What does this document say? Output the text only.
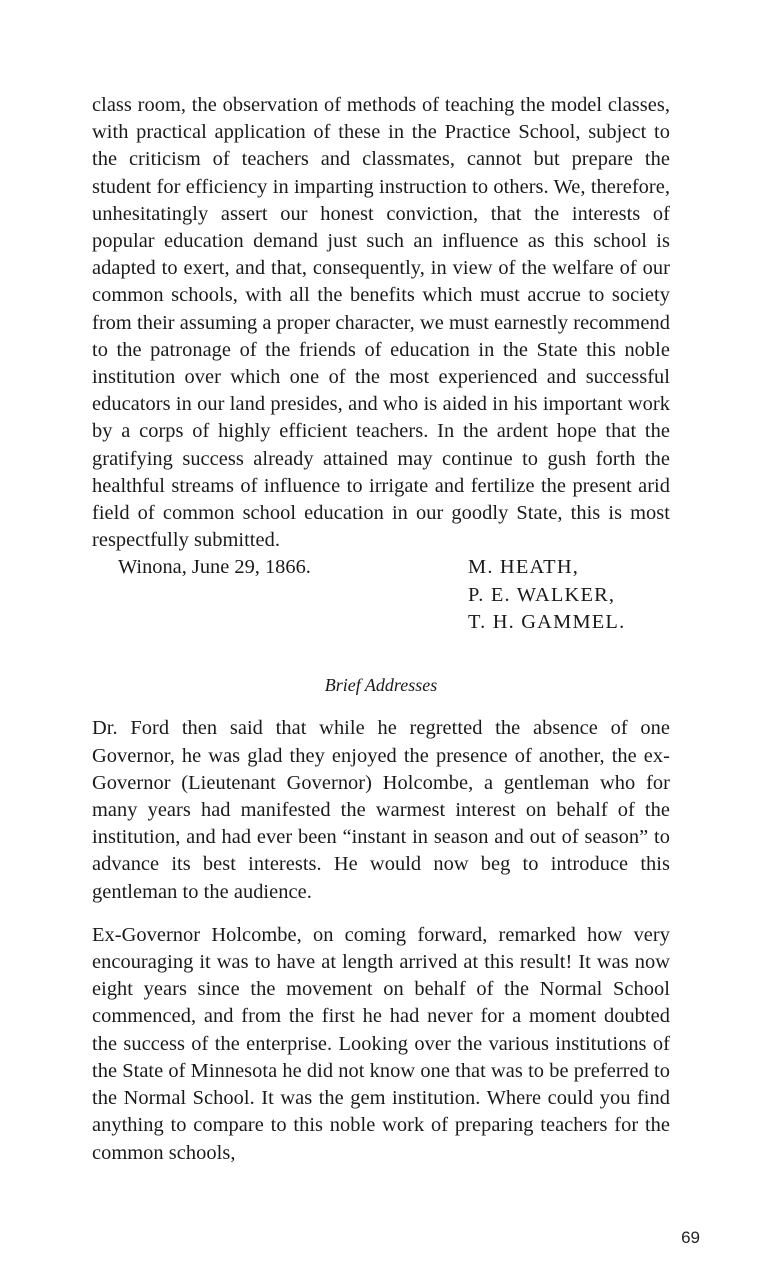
class room, the observation of methods of teaching the model classes, with practical application of these in the Practice School, subject to the criticism of teachers and classmates, cannot but prepare the student for efficiency in imparting instruction to others. We, therefore, unhesitatingly assert our honest conviction, that the interests of popular education demand just such an influence as this school is adapted to exert, and that, consequently, in view of the welfare of our common schools, with all the benefits which must accrue to society from their assuming a proper character, we must earnestly recommend to the patronage of the friends of education in the State this noble institution over which one of the most experienced and successful educators in our land presides, and who is aided in his important work by a corps of highly efficient teachers. In the ardent hope that the gratifying success already attained may continue to gush forth the healthful streams of influence to irrigate and fertilize the present arid field of common school education in our goodly State, this is most respectfully submitted.

Winona, June 29, 1866.	M. HEATH,
P. E. WALKER,
T. H. GAMMEL.
Brief Addresses

Dr. Ford then said that while he regretted the absence of one Governor, he was glad they enjoyed the presence of another, the ex-Governor (Lieutenant Governor) Holcombe, a gentleman who for many years had manifested the warmest interest on behalf of the institution, and had ever been “instant in season and out of season” to advance its best interests. He would now beg to introduce this gentleman to the audience.

Ex-Governor Holcombe, on coming forward, remarked how very encouraging it was to have at length arrived at this result! It was now eight years since the movement on behalf of the Normal School commenced, and from the first he had never for a moment doubted the success of the enterprise. Looking over the various institutions of the State of Minnesota he did not know one that was to be preferred to the Normal School. It was the gem institution. Where could you find anything to compare to this noble work of preparing teachers for the common schools,

69
